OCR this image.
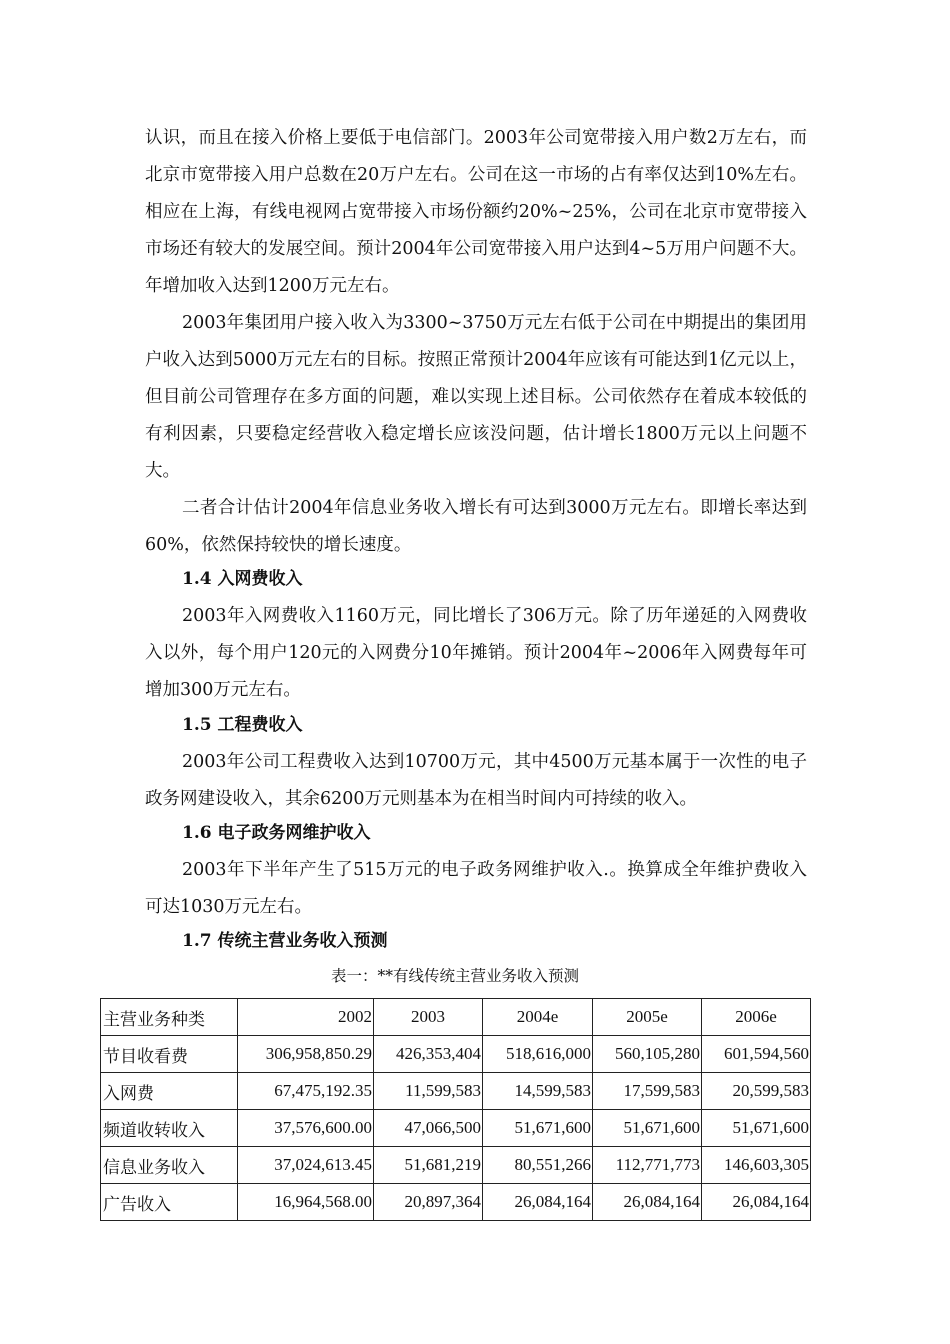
认识，而且在接入价格上要低于电信部门。2003年公司宽带接入用户数2万左右，而北京市宽带接入用户总数在20万户左右。公司在这一市场的占有率仅达到10%左右。相应在上海，有线电视网占宽带接入市场份额约20%~25%，公司在北京市宽带接入市场还有较大的发展空间。预计2004年公司宽带接入用户达到4~5万用户问题不大。年增加收入达到1200万元左右。

2003年集团用户接入收入为3300~3750万元左右低于公司在中期提出的集团用户收入达到5000万元左右的目标。按照正常预计2004年应该有可能达到1亿元以上，但目前公司管理存在多方面的问题，难以实现上述目标。公司依然存在着成本较低的有利因素，只要稳定经营收入稳定增长应该没问题，估计增长1800万元以上问题不大。

二者合计估计2004年信息业务收入增长有可达到3000万元左右。即增长率达到60%，依然保持较快的增长速度。

1.4 入网费收入

2003年入网费收入1160万元，同比增长了306万元。除了历年递延的入网费收入以外，每个用户120元的入网费分10年摊销。预计2004年~2006年入网费每年可增加300万元左右。

1.5 工程费收入

2003年公司工程费收入达到10700万元，其中4500万元基本属于一次性的电子政务网建设收入，其余6200万元则基本为在相当时间内可持续的收入。

1.6 电子政务网维护收入

2003年下半年产生了515万元的电子政务网维护收入.。换算成全年维护费收入可达1030万元左右。

1.7 传统主营业务收入预测
表一：**有线传统主营业务收入预测
主营业务种类	2002	2003	2004e	2005e	2006e
节目收看费	306,958,850.29	426,353,404	518,616,000	560,105,280	601,594,560
入网费	67,475,192.35	11,599,583	14,599,583	17,599,583	20,599,583
频道收转收入	37,576,600.00	47,066,500	51,671,600	51,671,600	51,671,600
信息业务收入	37,024,613.45	51,681,219	80,551,266	112,771,773	146,603,305
广告收入	16,964,568.00	20,897,364	26,084,164	26,084,164	26,084,164
